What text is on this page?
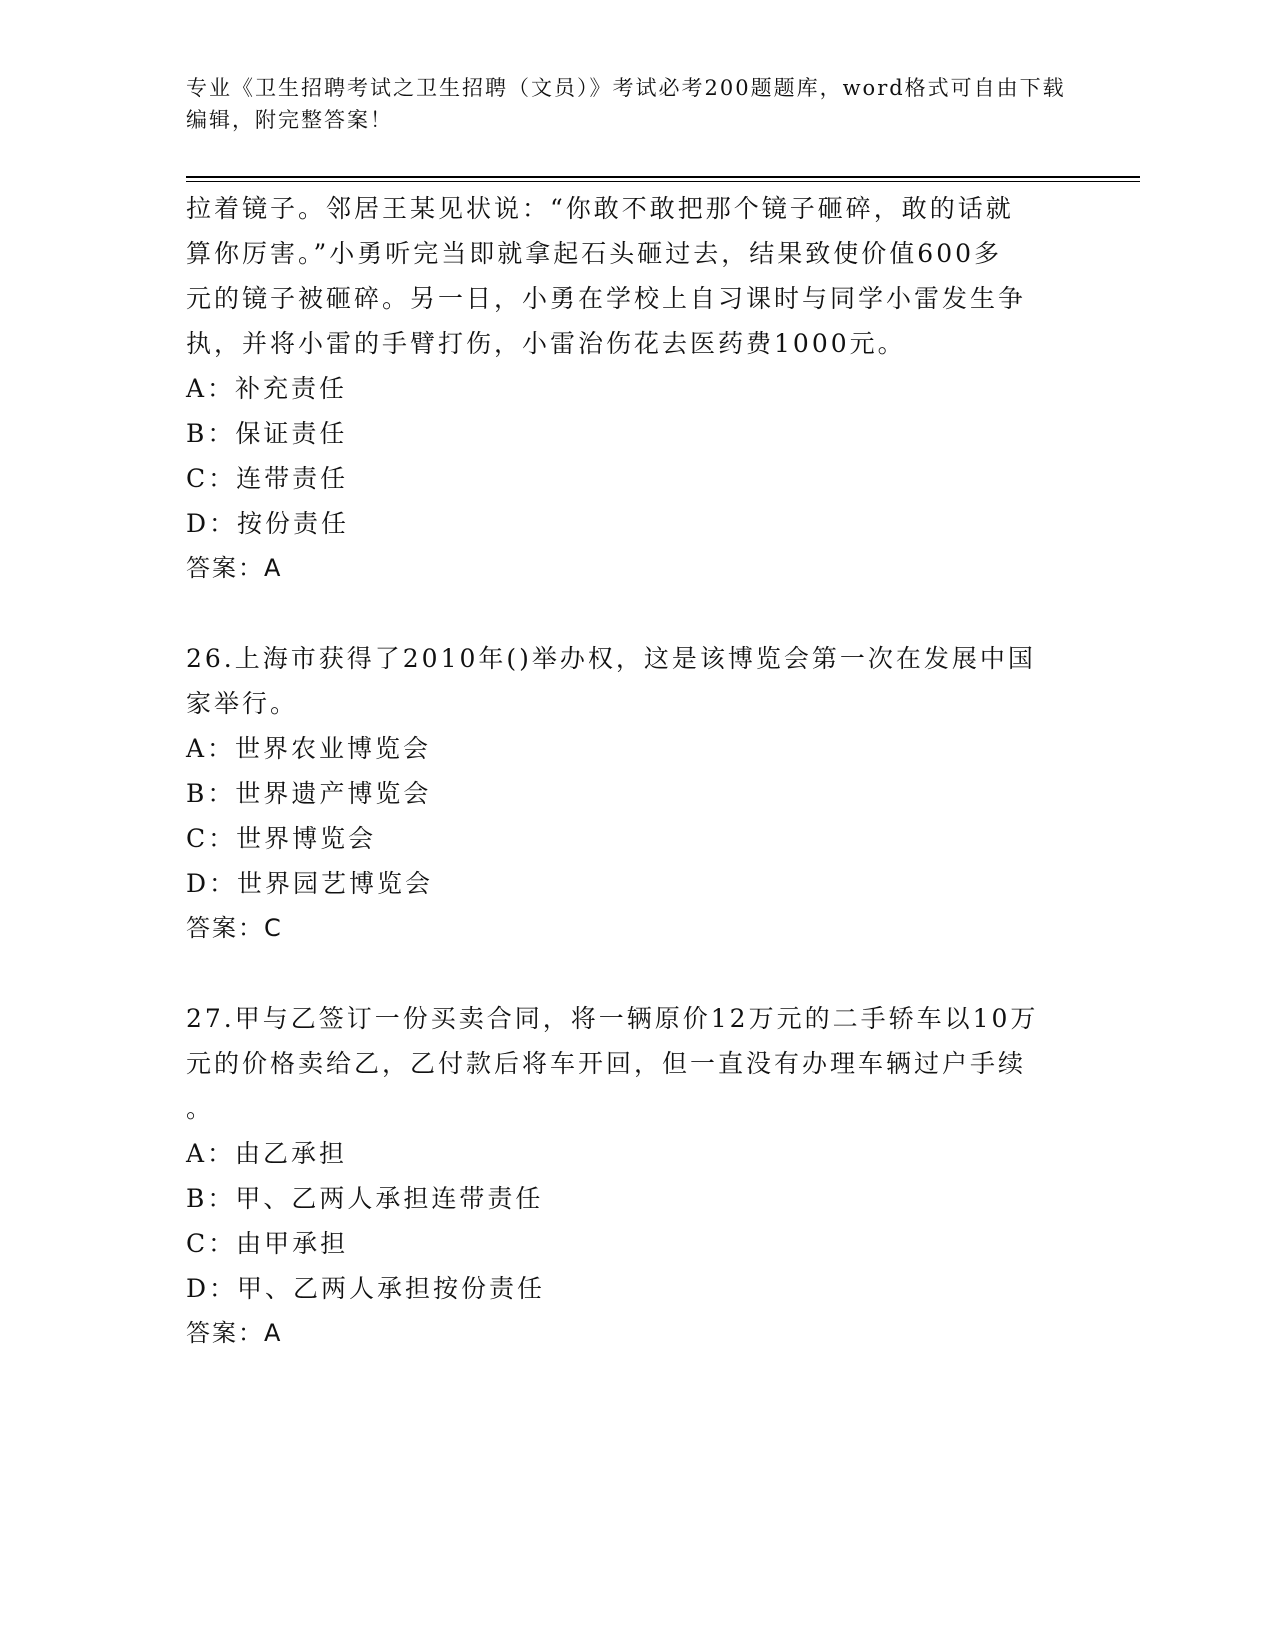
专业《卫生招聘考试之卫生招聘（文员）》考试必考200题题库，word格式可自由下载编辑，附完整答案！

拉着镜子。邻居王某见状说：“你敢不敢把那个镜子砸碎，敢的话就

算你厉害。”小勇听完当即就拿起石头砸过去，结果致使价值600多

元的镜子被砸碎。另一日，小勇在学校上自习课时与同学小雷发生争

执，并将小雷的手臂打伤，小雷治伤花去医药费1000元。

A：补充责任

B：保证责任

C：连带责任

D：按份责任

答案：A

26.上海市获得了2010年()举办权，这是该博览会第一次在发展中国

家举行。

A：世界农业博览会

B：世界遗产博览会

C：世界博览会

D：世界园艺博览会

答案：C

27.甲与乙签订一份买卖合同，将一辆原价12万元的二手轿车以10万

元的价格卖给乙，乙付款后将车开回，但一直没有办理车辆过户手续

。

A：由乙承担

B：甲、乙两人承担连带责任

C：由甲承担

D：甲、乙两人承担按份责任

答案：A
